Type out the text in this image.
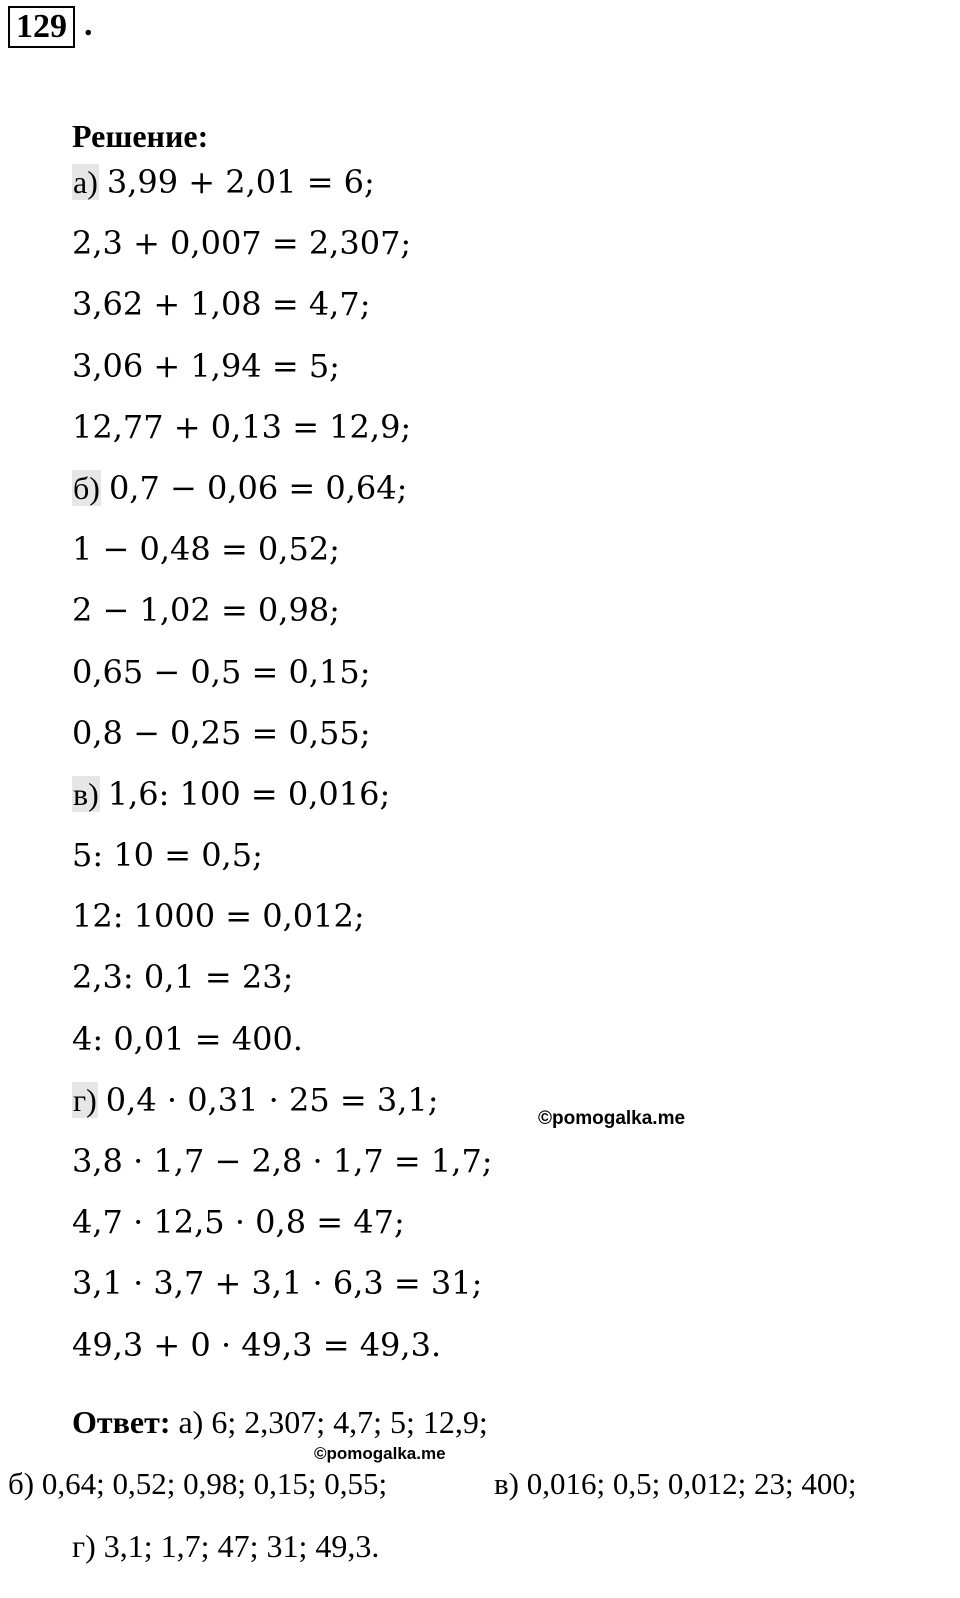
129 .
Решение:
а) 3,99 + 2,01 = 6;
2,3 + 0,007 = 2,307;
3,62 + 1,08 = 4,7;
3,06 + 1,94 = 5;
12,77 + 0,13 = 12,9;
б) 0,7 − 0,06 = 0,64;
1 − 0,48 = 0,52;
2 − 1,02 = 0,98;
0,65 − 0,5 = 0,15;
0,8 − 0,25 = 0,55;
в) 1,6: 100 = 0,016;
5: 10 = 0,5;
12: 1000 = 0,012;
2,3: 0,1 = 23;
4: 0,01 = 400.
г) 0,4 · 0,31 · 25 = 3,1;
3,8 · 1,7 − 2,8 · 1,7 = 1,7;
4,7 · 12,5 · 0,8 = 47;
3,1 · 3,7 + 3,1 · 6,3 = 31;
49,3 + 0 · 49,3 = 49,3.
©pomogalka.me
Ответ: а) 6; 2,307; 4,7; 5; 12,9;
©pomogalka.me
б) 0,64; 0,52; 0,98; 0,15; 0,55;	в) 0,016; 0,5; 0,012; 23; 400;
г) 3,1; 1,7; 47; 31; 49,3.
